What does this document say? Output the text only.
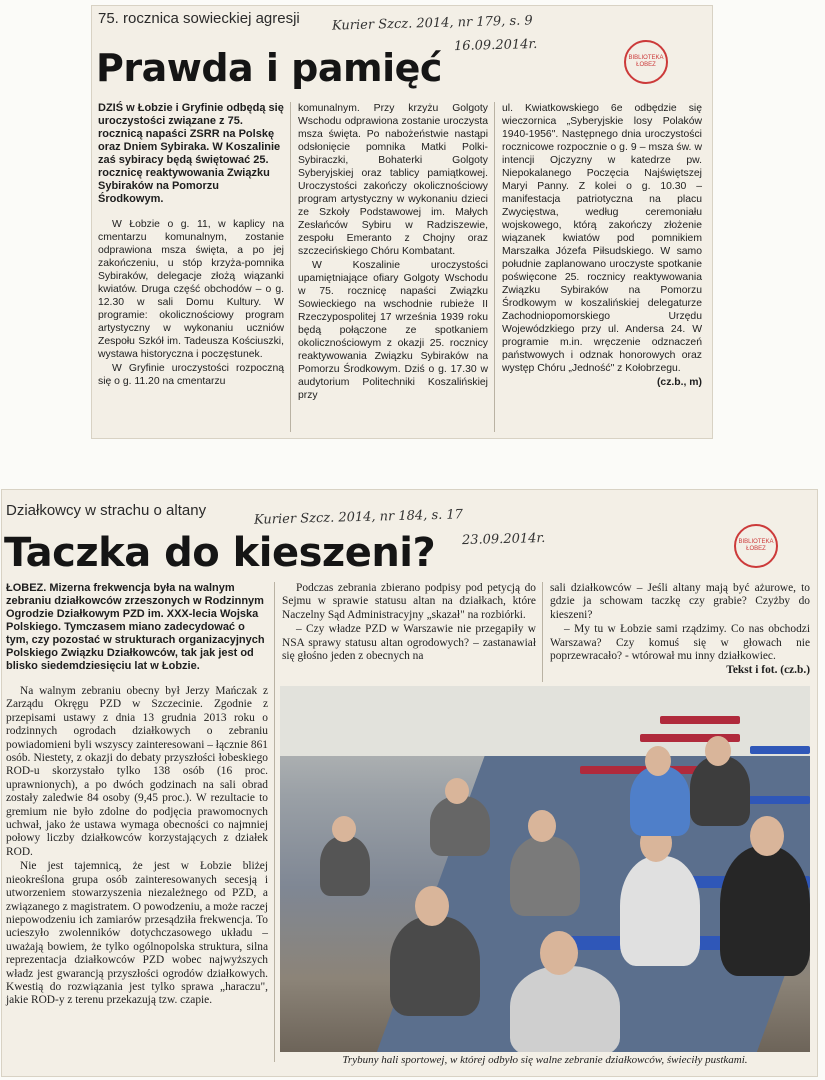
75. rocznica sowieckiej agresji Kurier Szcz. 2014, nr 179, s. 9
16.09.2014r.
BIBLIOTEKA ŁOBEZ
Prawda i pamięć

DZIŚ w Łobzie i Gryfinie odbędą się uroczystości związane z 75. rocznicą napaści ZSRR na Polskę oraz Dniem Sybiraka. W Koszalinie zaś sybiracy będą świętować 25. rocznicę reaktywowania Związku Sybiraków na Pomorzu Środkowym.

W Łobzie o g. 11, w kaplicy na cmentarzu komunalnym, zostanie odprawiona msza święta, a po jej zakończeniu, u stóp krzyża-pomnika Sybiraków, delegacje złożą wiązanki kwiatów. Druga część obchodów – o g. 12.30 w sali Domu Kultury. W programie: okolicznościowy program artystyczny w wykonaniu uczniów Zespołu Szkół im. Tadeusza Kościuszki, wystawa historyczna i poczęstunek.

W Gryfinie uroczystości rozpoczną się o g. 11.20 na cmentarzu

komunalnym. Przy krzyżu Golgoty Wschodu odprawiona zostanie uroczysta msza święta. Po nabożeństwie nastąpi odsłonięcie pomnika Matki Polki-Sybiraczki, Bohaterki Golgoty Syberyjskiej oraz tablicy pamiątkowej. Uroczystości zakończy okolicznościowy program artystyczny w wykonaniu dzieci ze Szkoły Podstawowej im. Małych Zesłańców Sybiru w Radziszewie, zespołu Emeranto z Chojny oraz szczecińskiego Chóru Kombatant.

W Koszalinie uroczystości upamiętniające ofiary Golgoty Wschodu w 75. rocznicę napaści Związku Sowieckiego na wschodnie rubieże II Rzeczypospolitej 17 września 1939 roku będą połączone ze spotkaniem okolicznościowym z okazji 25. rocznicy reaktywowania Związku Sybiraków na Pomorzu Środkowym. Dziś o g. 17.30 w audytorium Politechniki Koszalińskiej przy

ul. Kwiatkowskiego 6e odbędzie się wieczornica „Syberyjskie losy Polaków 1940-1956". Następnego dnia uroczystości rocznicowe rozpocznie o g. 9 – msza św. w intencji Ojczyzny w katedrze pw. Niepokalanego Poczęcia Najświętszej Maryi Panny. Z kolei o g. 10.30 – manifestacja patriotyczna na placu Zwycięstwa, według ceremoniału wojskowego, którą zakończy złożenie wiązanek kwiatów pod pomnikiem Marszałka Józefa Piłsudskiego. W samo południe zaplanowano uroczyste spotkanie poświęcone 25. rocznicy reaktywowania Związku Sybiraków na Pomorzu Środkowym w koszalińskiej delegaturze Zachodniopomorskiego Urzędu Wojewódzkiego przy ul. Andersa 24. W programie m.in. wręczenie odznaczeń państwowych i odznak honorowych oraz występ Chóru „Jedność" z Kołobrzegu.

(cz.b., m)

Działkowcy w strachu o altany	Kurier Szcz. 2014, nr 184, s. 17
23.09.2014r.	BIBLIOTEKA ŁOBEZ
Taczka do kieszeni?

ŁOBEZ. Mizerna frekwencja była na walnym zebraniu działkowców zrzeszonych w Rodzinnym Ogrodzie Działkowym PZD im. XXX-lecia Wojska Polskiego. Tymczasem miano zadecydować o tym, czy pozostać w strukturach organizacyjnych Polskiego Związku Działkowców, tak jak jest od blisko siedemdziesięciu lat w Łobzie.

Na walnym zebraniu obecny był Jerzy Mańczak z Zarządu Okręgu PZD w Szczecinie. Zgodnie z przepisami ustawy z dnia 13 grudnia 2013 roku o rodzinnych ogrodach działkowych o zebraniu powiadomieni byli wszyscy zainteresowani – łącznie 861 osób. Niestety, z okazji do debaty przyszłości łobeskiego ROD-u skorzystało tylko 138 osób (16 proc. uprawnionych), a po dwóch godzinach na sali obrad zostały zaledwie 84 osoby (9,45 proc.). W rezultacie to gremium nie było zdolne do podjęcia prawomocnych uchwał, jako że ustawa wymaga obecności co najmniej połowy liczby działkowców korzystających z działek ROD.

Nie jest tajemnicą, że jest w Łobzie bliżej nieokreślona grupa osób zainteresowanych secesją i utworzeniem stowarzyszenia niezależnego od PZD, a związanego z magistratem. O powodzeniu, a może raczej niepowodzeniu ich zamiarów przesądziła frekwencja. To ucieszyło zwolenników dotychczasowego układu – uważają bowiem, że tylko ogólnopolska struktura, silna reprezentacja działkowców PZD wobec najwyższych władz jest gwarancją przyszłości ogrodów działkowych. Kwestią do rozwiązania jest tylko sprawa „haraczu", jakie ROD-y z terenu przekazują tzw. czapie.

Podczas zebrania zbierano podpisy pod petycją do Sejmu w sprawie statusu altan na działkach, które Naczelny Sąd Administracyjny „skazał" na rozbiórki.

– Czy władze PZD w Warszawie nie przegapiły w NSA sprawy statusu altan ogrodowych? – zastanawiał się głośno jeden z obecnych na

sali działkowców – Jeśli altany mają być ażurowe, to gdzie ja schowam taczkę czy grabie? Czyżby do kieszeni?

– My tu w Łobzie sami rządzimy. Co nas obchodzi Warszawa? Czy komuś się w głowach nie poprzewracało? - wtórował mu inny działkowiec.

Tekst i fot. (cz.b.)

Trybuny hali sportowej, w której odbyło się walne zebranie działkowców, świeciły pustkami.
